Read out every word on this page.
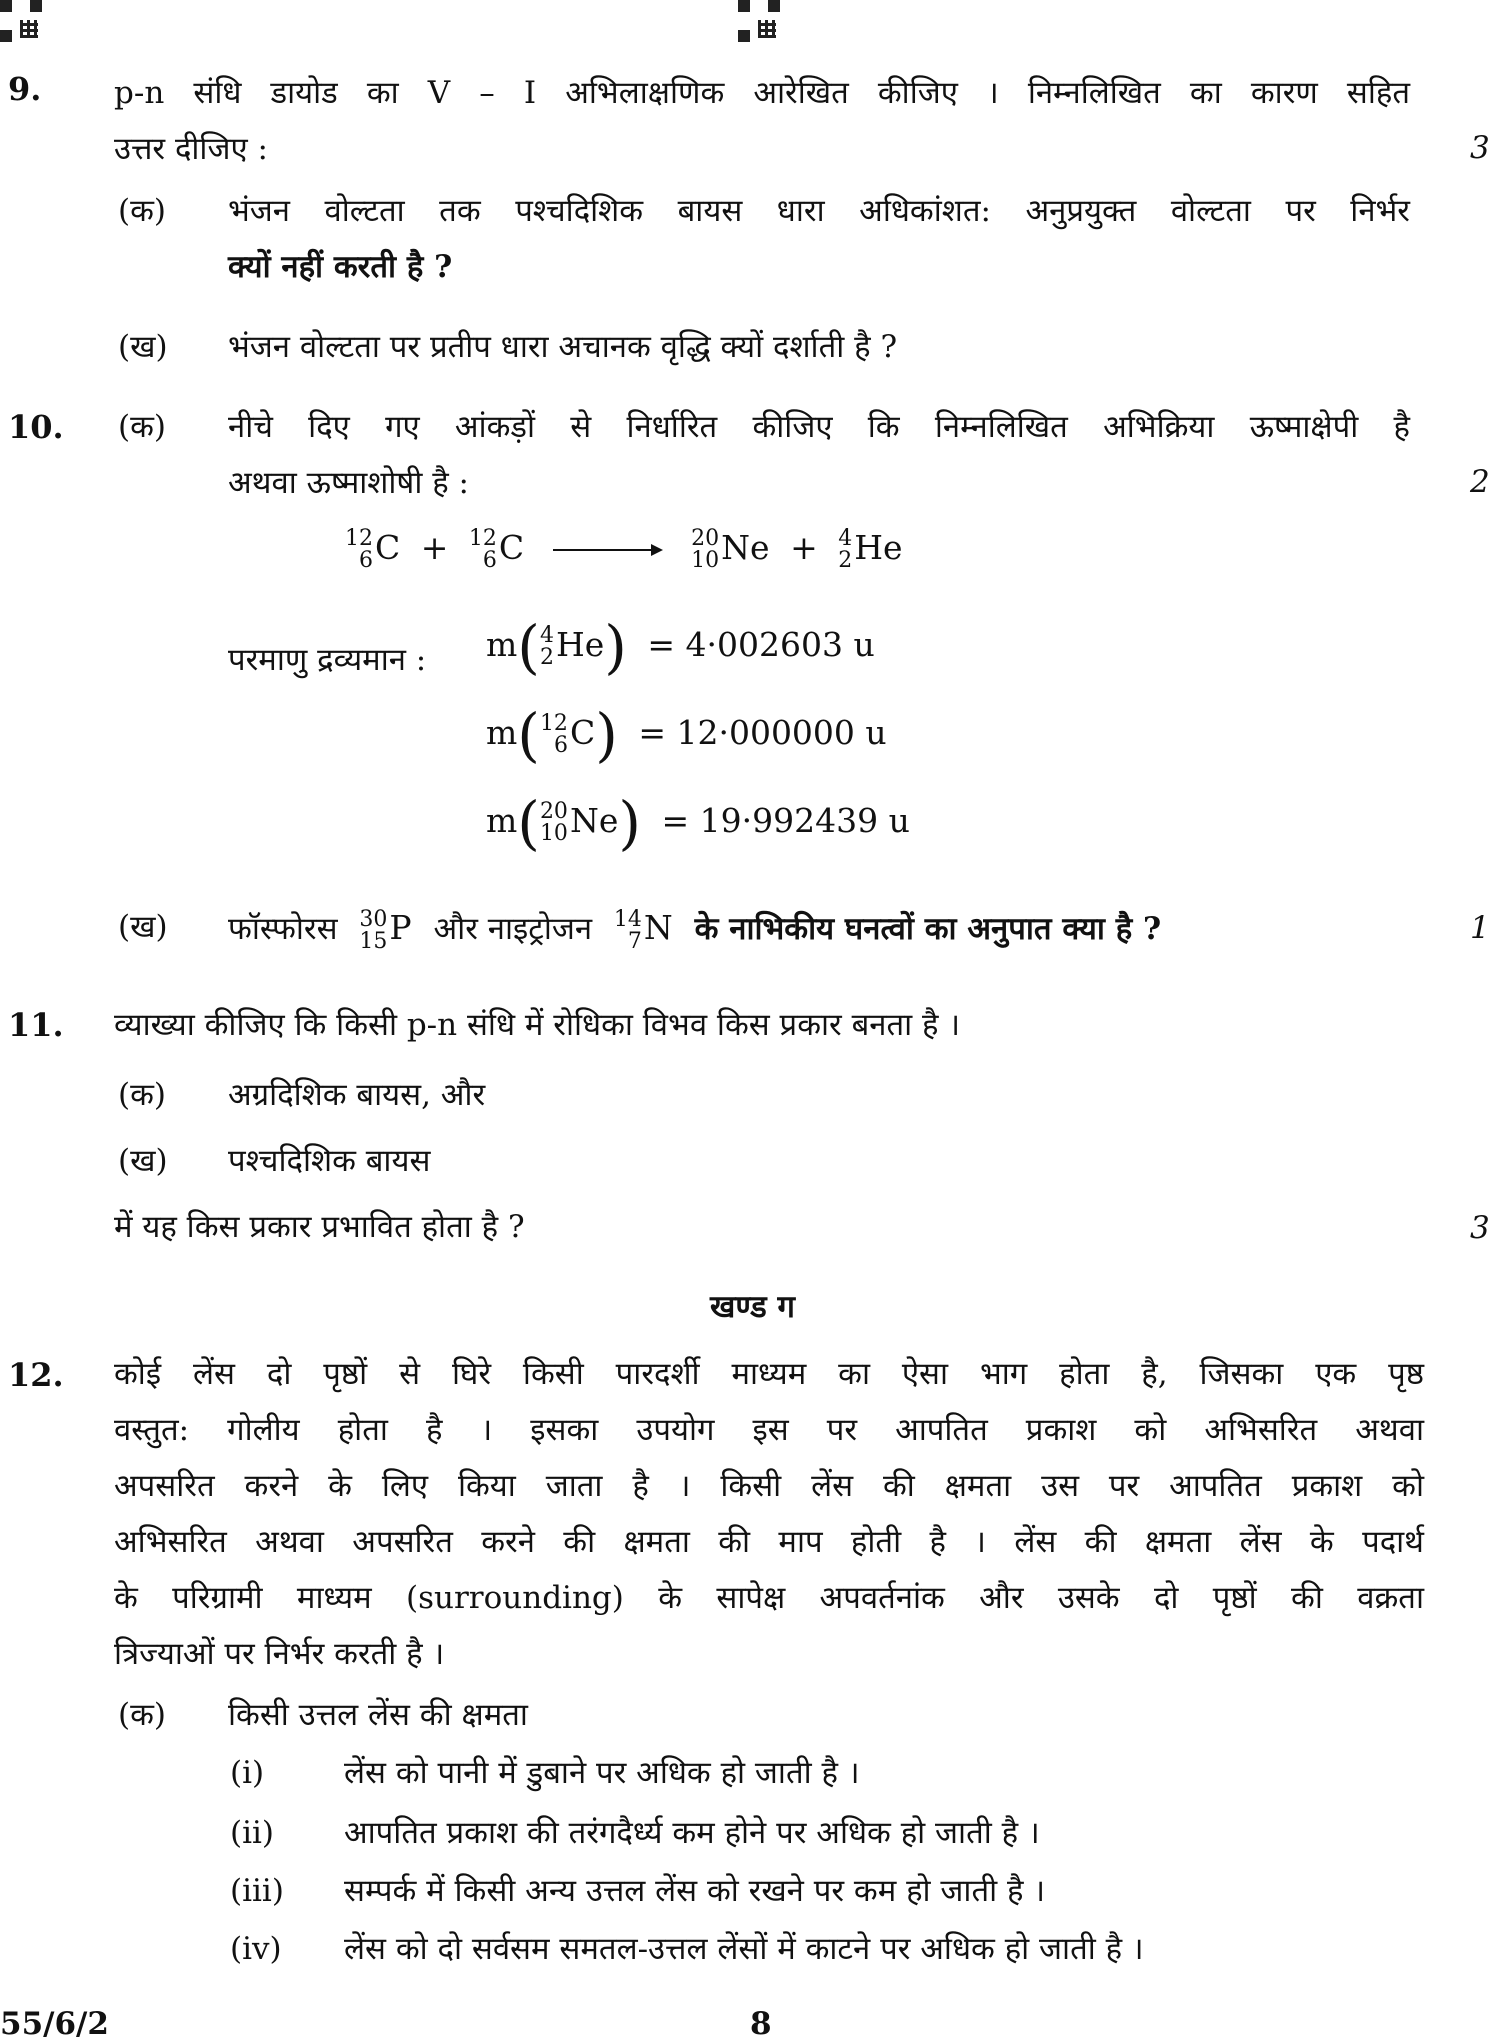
9. p-n संधि डायोड का V – I अभिलाक्षणिक आरेखित कीजिए । निम्नलिखित का कारण सहित
उत्तर दीजिए :	3
(क) भंजन वोल्टता तक पश्चदिशिक बायस धारा अधिकांशत: अनुप्रयुक्त वोल्टता पर निर्भर
क्यों नहीं करती है ?
(ख) भंजन वोल्टता पर प्रतीप धारा अचानक वृद्धि क्यों दर्शाती है ?
10. (क) नीचे दिए गए आंकड़ों से निर्धारित कीजिए कि निम्नलिखित अभिक्रिया ऊष्माक्षेपी है
अथवा ऊष्माशोषी है :	2
12
6 C + 12
6 C → 20
10 Ne + 4
2 He
परमाणु द्रव्यमान : m( 4
2 He) = 4·002603 u
m( 12
6 C) = 12·000000 u
m( 20
10 Ne) = 19·992439 u
(ख) फॉस्फोरस 30
15 P और नाइट्रोजन 14
7 N के नाभिकीय घनत्वों का अनुपात क्या है ?	1
11. व्याख्या कीजिए कि किसी p-n संधि में रोधिका विभव किस प्रकार बनता है ।
(क) अग्रदिशिक बायस, और
(ख) पश्चदिशिक बायस
में यह किस प्रकार प्रभावित होता है ?	3
खण्ड ग
12. कोई लेंस दो पृष्ठों से घिरे किसी पारदर्शी माध्यम का ऐसा भाग होता है, जिसका एक पृष्ठ
वस्तुत: गोलीय होता है । इसका उपयोग इस पर आपतित प्रकाश को अभिसरित अथवा
अपसरित करने के लिए किया जाता है । किसी लेंस की क्षमता उस पर आपतित प्रकाश को
अभिसरित अथवा अपसरित करने की क्षमता की माप होती है । लेंस की क्षमता लेंस के पदार्थ
के परिग्रामी माध्यम (surrounding) के सापेक्ष अपवर्तनांक और उसके दो पृष्ठों की वक्रता
त्रिज्याओं पर निर्भर करती है ।
(क) किसी उत्तल लेंस की क्षमता
(i)	लेंस को पानी में डुबाने पर अधिक हो जाती है ।
(ii) आपतित प्रकाश की तरंगदैर्ध्य कम होने पर अधिक हो जाती है ।
(iii) सम्पर्क में किसी अन्य उत्तल लेंस को रखने पर कम हो जाती है ।
(iv) लेंस को दो सर्वसम समतल-उत्तल लेंसों में काटने पर अधिक हो जाती है ।
55/6/2	8
